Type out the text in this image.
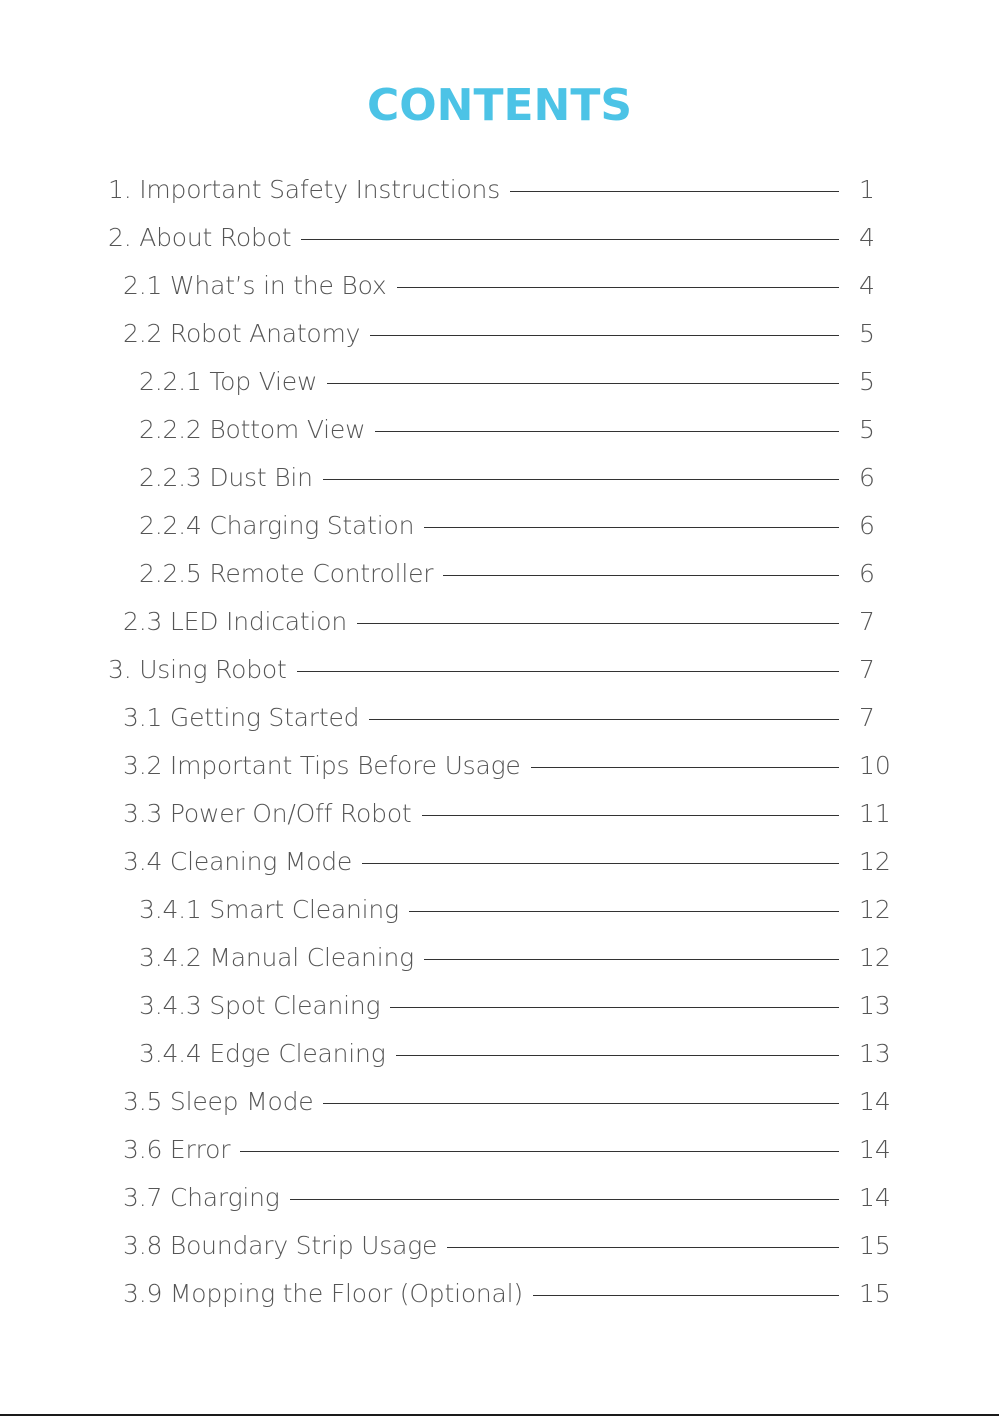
CONTENTS
1. Important Safety Instructions	1
2. About Robot	4
2.1 What’s in the Box	4
2.2 Robot Anatomy	5
2.2.1 Top View	5
2.2.2 Bottom View	5
2.2.3 Dust Bin	6
2.2.4 Charging Station	6
2.2.5 Remote Controller	6
2.3 LED Indication	7
3. Using Robot	7
3.1 Getting Started	7
3.2 Important Tips Before Usage	10
3.3 Power On/Off Robot	11
3.4 Cleaning Mode	12
3.4.1 Smart Cleaning	12
3.4.2 Manual Cleaning	12
3.4.3 Spot Cleaning	13
3.4.4 Edge Cleaning	13
3.5 Sleep Mode	14
3.6 Error	14
3.7 Charging	14
3.8 Boundary Strip Usage	15
3.9 Mopping the Floor (Optional)	15
